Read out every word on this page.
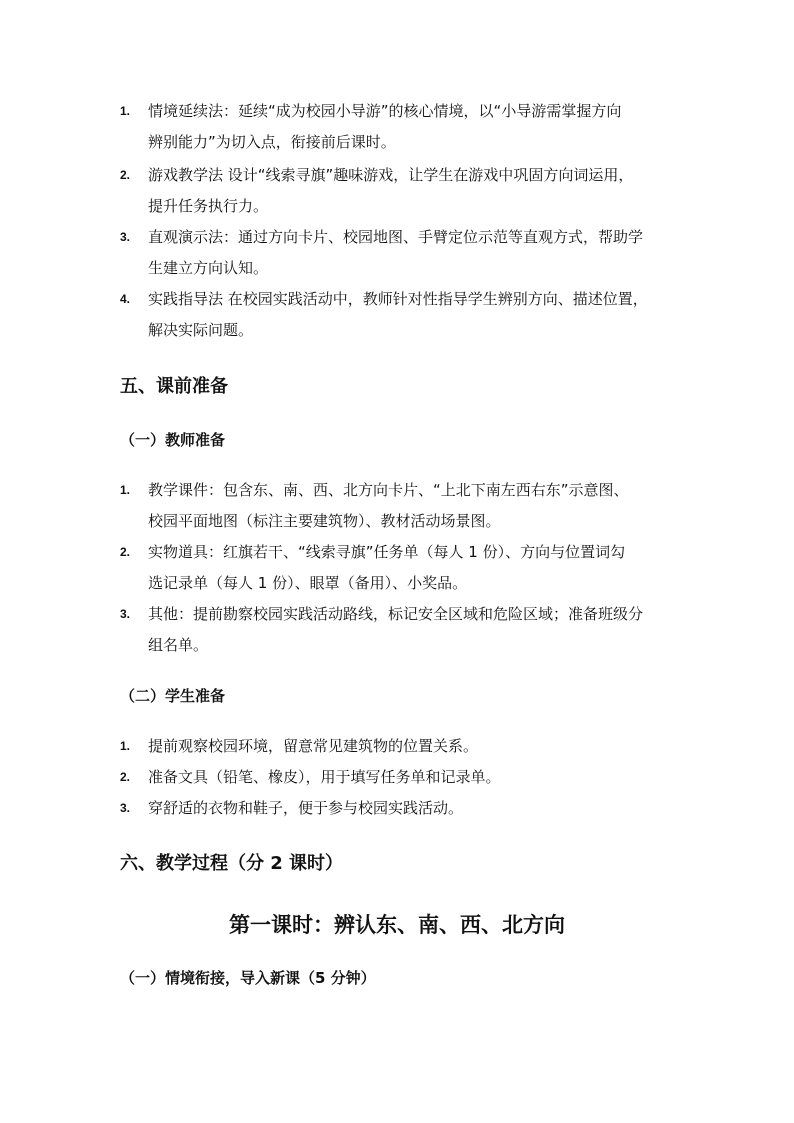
1.	情境延续法：延续“成为校园小导游”的核心情境，以“小导游需掌握方向
辨别能力”为切入点，衔接前后课时。
2.	游戏教学法 设计“线索寻旗”趣味游戏，让学生在游戏中巩固方向词运用，
提升任务执行力。
3.	直观演示法：通过方向卡片、校园地图、手臂定位示范等直观方式，帮助学
生建立方向认知。
4.	实践指导法 在校园实践活动中，教师针对性指导学生辨别方向、描述位置，
解决实际问题。
五、课前准备
（一）教师准备
1.	教学课件：包含东、南、西、北方向卡片、“上北下南左西右东”示意图、
校园平面地图（标注主要建筑物）、教材活动场景图。
2.	实物道具：红旗若干、“线索寻旗”任务单（每人 1 份）、方向与位置词勾
选记录单（每人 1 份）、眼罩（备用）、小奖品。
3.	其他：提前勘察校园实践活动路线，标记安全区域和危险区域；准备班级分
组名单。
（二）学生准备
1.	提前观察校园环境，留意常见建筑物的位置关系。
2.	准备文具（铅笔、橡皮），用于填写任务单和记录单。
3.	穿舒适的衣物和鞋子，便于参与校园实践活动。
六、教学过程（分 2 课时）
第一课时：辨认东、南、西、北方向
（一）情境衔接，导入新课（5 分钟）
